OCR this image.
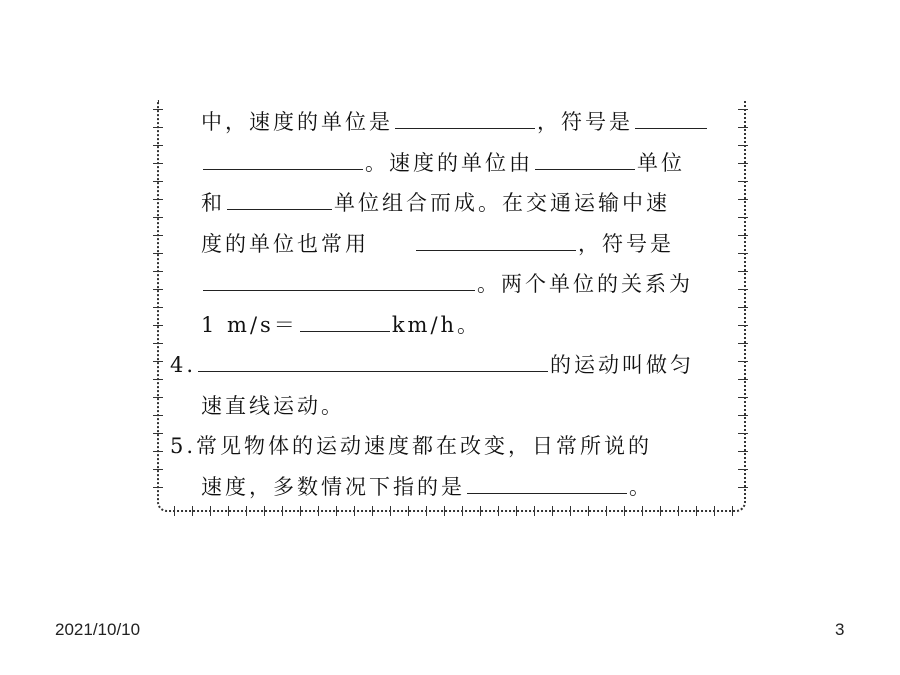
中，速度的单位是	，符号是
。速度的单位由	单位
和	单位组合而成。在交通运输中速
度的单位也常用	，符号是
。两个单位的关系为
1 m/s＝	km/h。
4.	的运动叫做匀
速直线运动。
5.常见物体的运动速度都在改变，日常所说的
速度，多数情况下指的是	。
2021/10/10	3
